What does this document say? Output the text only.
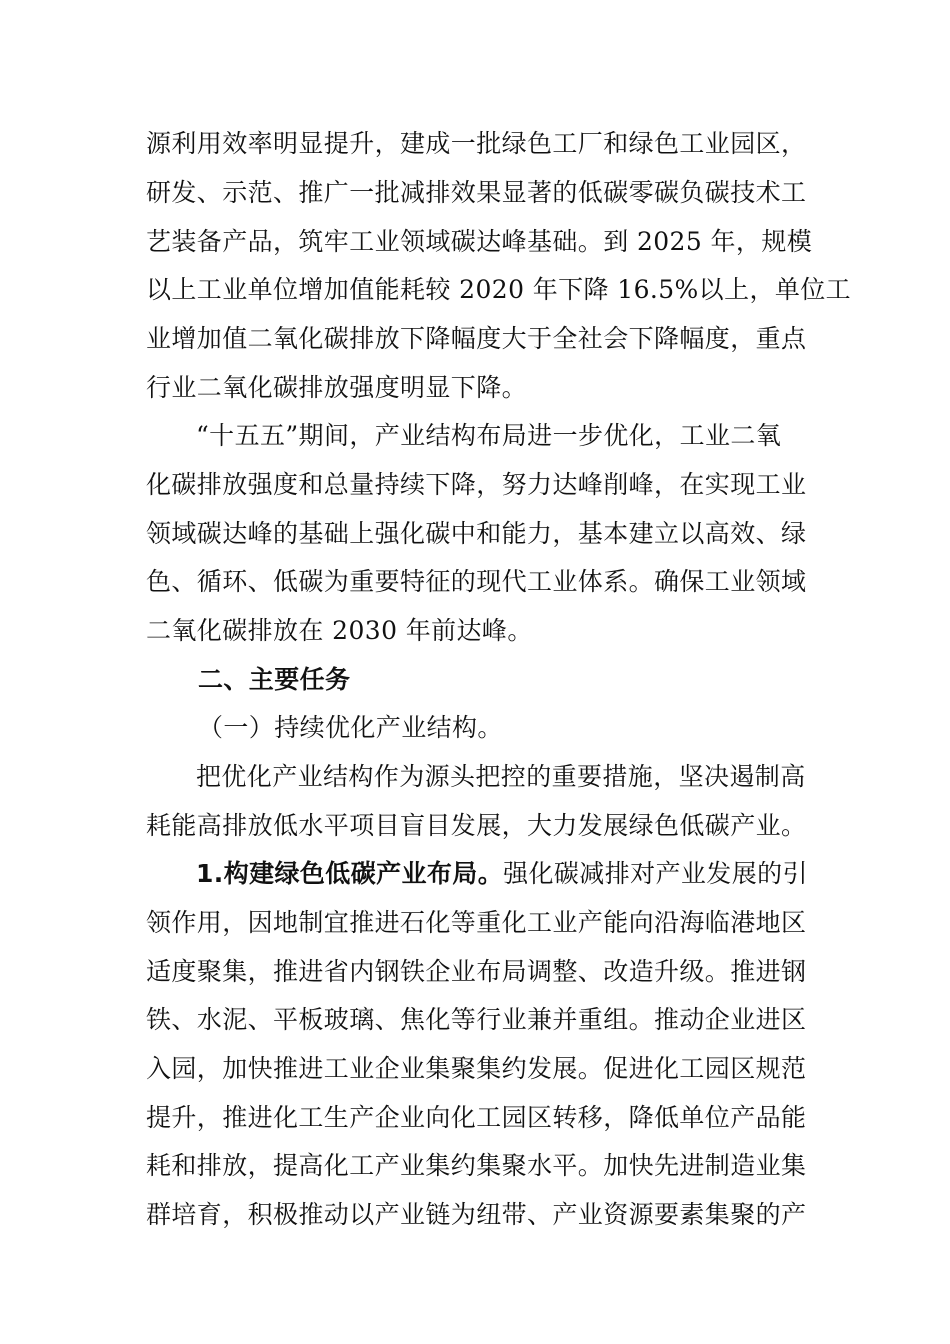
源利用效率明显提升，建成一批绿色工厂和绿色工业园区，
研发、示范、推广一批减排效果显著的低碳零碳负碳技术工
艺装备产品，筑牢工业领域碳达峰基础。到 2025 年，规模
以上工业单位增加值能耗较 2020 年下降 16.5%以上，单位工
业增加值二氧化碳排放下降幅度大于全社会下降幅度，重点
行业二氧化碳排放强度明显下降。
“十五五”期间，产业结构布局进一步优化，工业二氧
化碳排放强度和总量持续下降，努力达峰削峰，在实现工业
领域碳达峰的基础上强化碳中和能力，基本建立以高效、绿
色、循环、低碳为重要特征的现代工业体系。确保工业领域
二氧化碳排放在 2030 年前达峰。
二、主要任务
（一）持续优化产业结构。
把优化产业结构作为源头把控的重要措施，坚决遏制高
耗能高排放低水平项目盲目发展，大力发展绿色低碳产业。
1.构建绿色低碳产业布局。强化碳减排对产业发展的引
领作用，因地制宜推进石化等重化工业产能向沿海临港地区
适度聚集，推进省内钢铁企业布局调整、改造升级。推进钢
铁、水泥、平板玻璃、焦化等行业兼并重组。推动企业进区
入园，加快推进工业企业集聚集约发展。促进化工园区规范
提升，推进化工生产企业向化工园区转移，降低单位产品能
耗和排放，提高化工产业集约集聚水平。加快先进制造业集
群培育，积极推动以产业链为纽带、产业资源要素集聚的产
